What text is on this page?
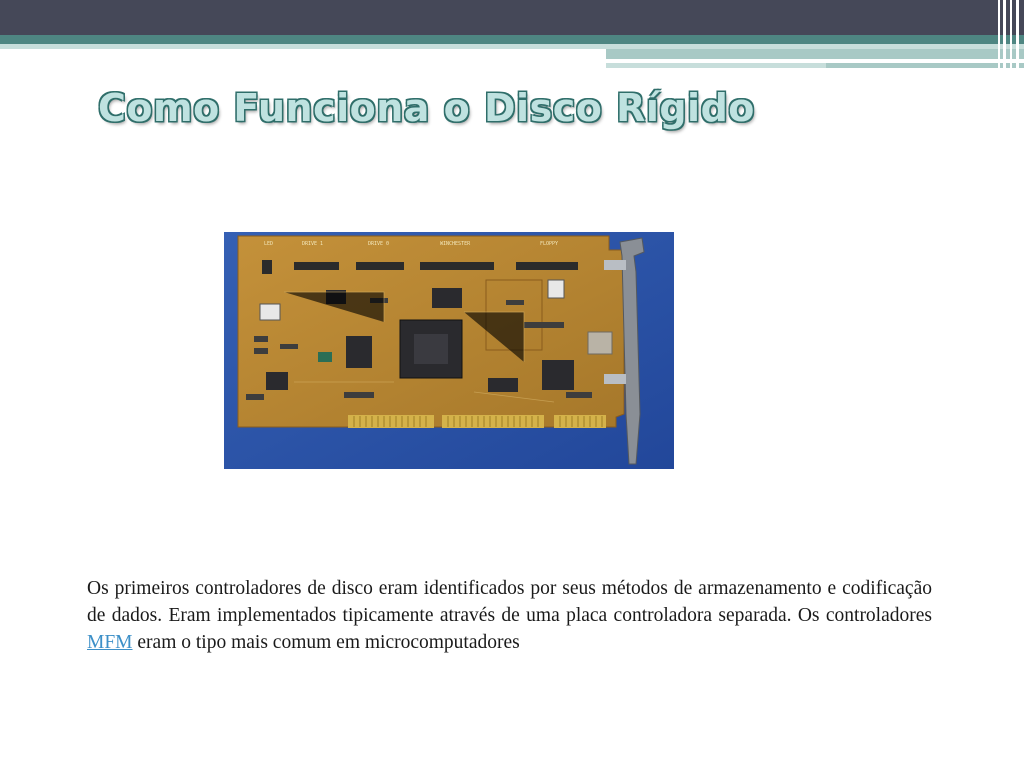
Como Funciona o Disco Rígido
LED	DRIVE 1	DRIVE 0	WINCHESTER	FLOPPY
Os primeiros controladores de disco eram identificados por seus métodos de armazenamento e codificação de dados. Eram implementados tipicamente através de uma placa controladora separada. Os controladores MFM eram o tipo mais comum em microcomputadores
